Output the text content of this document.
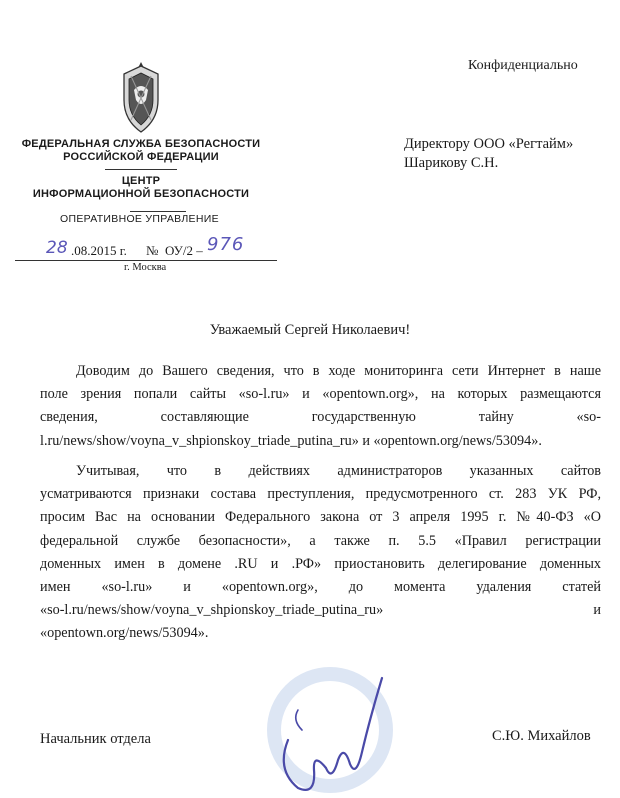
Конфиденциально
ФЕДЕРАЛЬНАЯ СЛУЖБА БЕЗОПАСНОСТИ
РОССИЙСКОЙ ФЕДЕРАЦИИ
ЦЕНТР
ИНФОРМАЦИОННОЙ БЕЗОПАСНОСТИ
ОПЕРАТИВНОЕ УПРАВЛЕНИЕ
28 .08.2015 г. № ОУ/2 – 976
г. Москва
Директору ООО «Регтайм»
Шарикову С.Н.
Уважаемый Сергей Николаевич!

Доводим до Вашего сведения, что в ходе мониторинга сети Интернет в наше

поле зрения попали сайты «so-l.ru» и «opentown.org», на которых размещаются

сведения, составляющие государственную тайну «so-

l.ru/news/show/voyna_v_shpionskoy_triade_putina_ru» и «opentown.org/news/53094».

Учитывая, что в действиях администраторов указанных сайтов

усматриваются признаки состава преступления, предусмотренного ст. 283 УК РФ,

просим Вас на основании Федерального закона от 3 апреля 1995 г. №40-ФЗ «О

федеральной службе безопасности», а также п. 5.5 «Правил регистрации

доменных имен в домене .RU и .РФ» приостановить делегирование доменных

имен «so-l.ru» и «opentown.org», до момента удаления статей

«so-l.ru/news/show/voyna_v_shpionskoy_triade_putina_ru» и

«opentown.org/news/53094».

Начальник отдела	С.Ю. Михайлов
